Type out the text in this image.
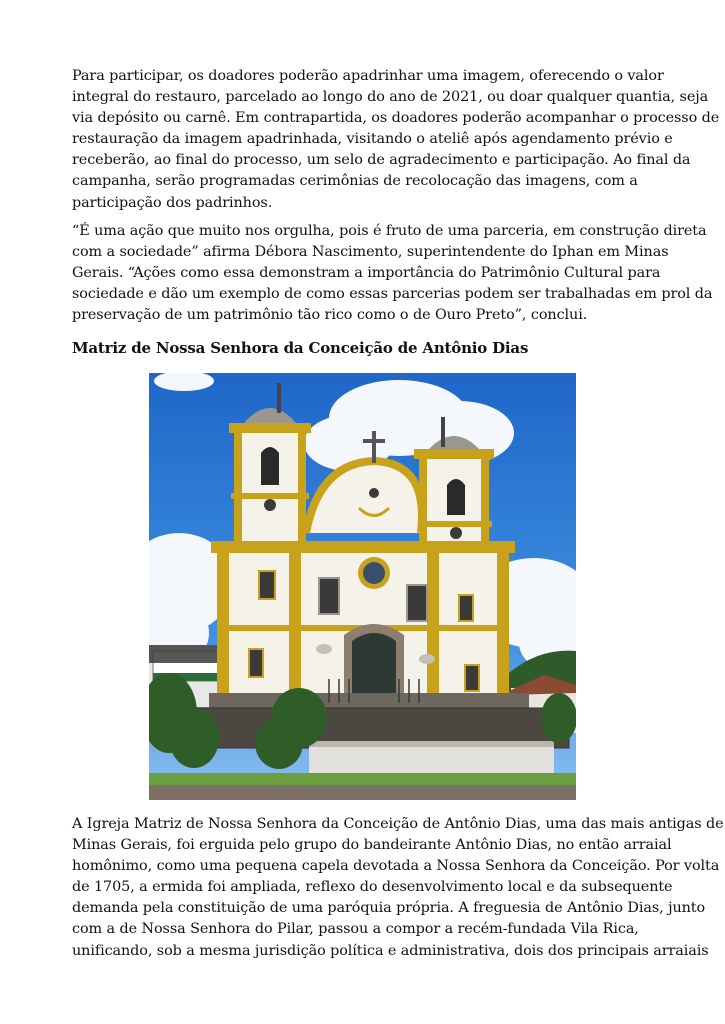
Para participar, os doadores poderão apadrinhar uma imagem, oferecendo o valor
integral do restauro, parcelado ao longo do ano de 2021, ou doar qualquer quantia, seja
via depósito ou carnê. Em contrapartida, os doadores poderão acompanhar o processo de
restauração da imagem apadrinhada, visitando o ateliê após agendamento prévio e
receberão, ao final do processo, um selo de agradecimento e participação. Ao final da
campanha, serão programadas cerimônias de recolocação das imagens, com a
participação dos padrinhos.

“É uma ação que muito nos orgulha, pois é fruto de uma parceria, em construção direta
com a sociedade” afirma Débora Nascimento, superintendente do Iphan em Minas
Gerais. “Ações como essa demonstram a importância do Patrimônio Cultural para
sociedade e dão um exemplo de como essas parcerias podem ser trabalhadas em prol da
preservação de um patrimônio tão rico como o de Ouro Preto”, conclui.

Matriz de Nossa Senhora da Conceição de Antônio Dias

A Igreja Matriz de Nossa Senhora da Conceição de Antônio Dias, uma das mais antigas de
Minas Gerais, foi erguida pelo grupo do bandeirante Antônio Dias, no então arraial
homônimo, como uma pequena capela devotada a Nossa Senhora da Conceição. Por volta
de 1705, a ermida foi ampliada, reflexo do desenvolvimento local e da subsequente
demanda pela constituição de uma paróquia própria. A freguesia de Antônio Dias, junto
com a de Nossa Senhora do Pilar, passou a compor a recém-fundada Vila Rica,
unificando, sob a mesma jurisdição política e administrativa, dois dos principais arraiais
